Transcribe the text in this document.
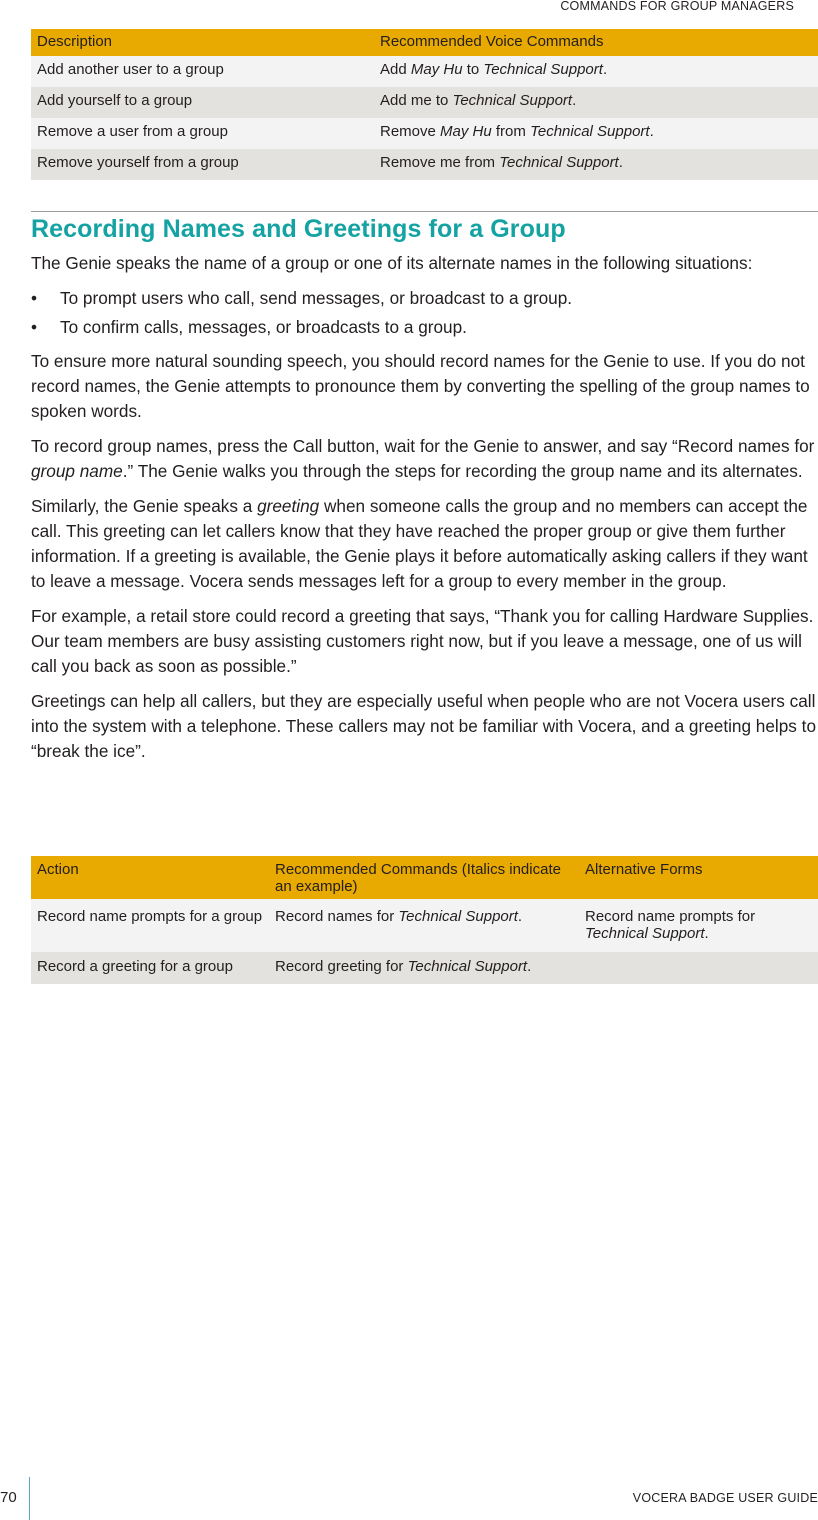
COMMANDS FOR GROUP MANAGERS
Description	Recommended Voice Commands
Add another user to a group	Add May Hu to Technical Support.
Add yourself to a group	Add me to Technical Support.
Remove a user from a group	Remove May Hu from Technical Support.
Remove yourself from a group	Remove me from Technical Support.
Recording Names and Greetings for a Group

The Genie speaks the name of a group or one of its alternate names in the following situations:

• To prompt users who call, send messages, or broadcast to a group.
• To confirm calls, messages, or broadcasts to a group.

To ensure more natural sounding speech, you should record names for the Genie to use. If you do not record names, the Genie attempts to pronounce them by converting the spelling of the group names to spoken words.

To record group names, press the Call button, wait for the Genie to answer, and say “Record names for group name.” The Genie walks you through the steps for recording the group name and its alternates.

Similarly, the Genie speaks a greeting when someone calls the group and no members can accept the call. This greeting can let callers know that they have reached the proper group or give them further information. If a greeting is available, the Genie plays it before automatically asking callers if they want to leave a message. Vocera sends messages left for a group to every member in the group.

For example, a retail store could record a greeting that says, “Thank you for calling Hardware Supplies. Our team members are busy assisting customers right now, but if you leave a message, one of us will call you back as soon as possible.”

Greetings can help all callers, but they are especially useful when people who are not Vocera users call into the system with a telephone. These callers may not be familiar with Vocera, and a greeting helps to “break the ice”.

Action	Recommended Commands (Italics indicate an example)	Alternative Forms
Record name prompts for a group	Record names for Technical Support.	Record name prompts for Technical Support.
Record a greeting for a group	Record greeting for Technical Support.	
70	VOCERA BADGE USER GUIDE
